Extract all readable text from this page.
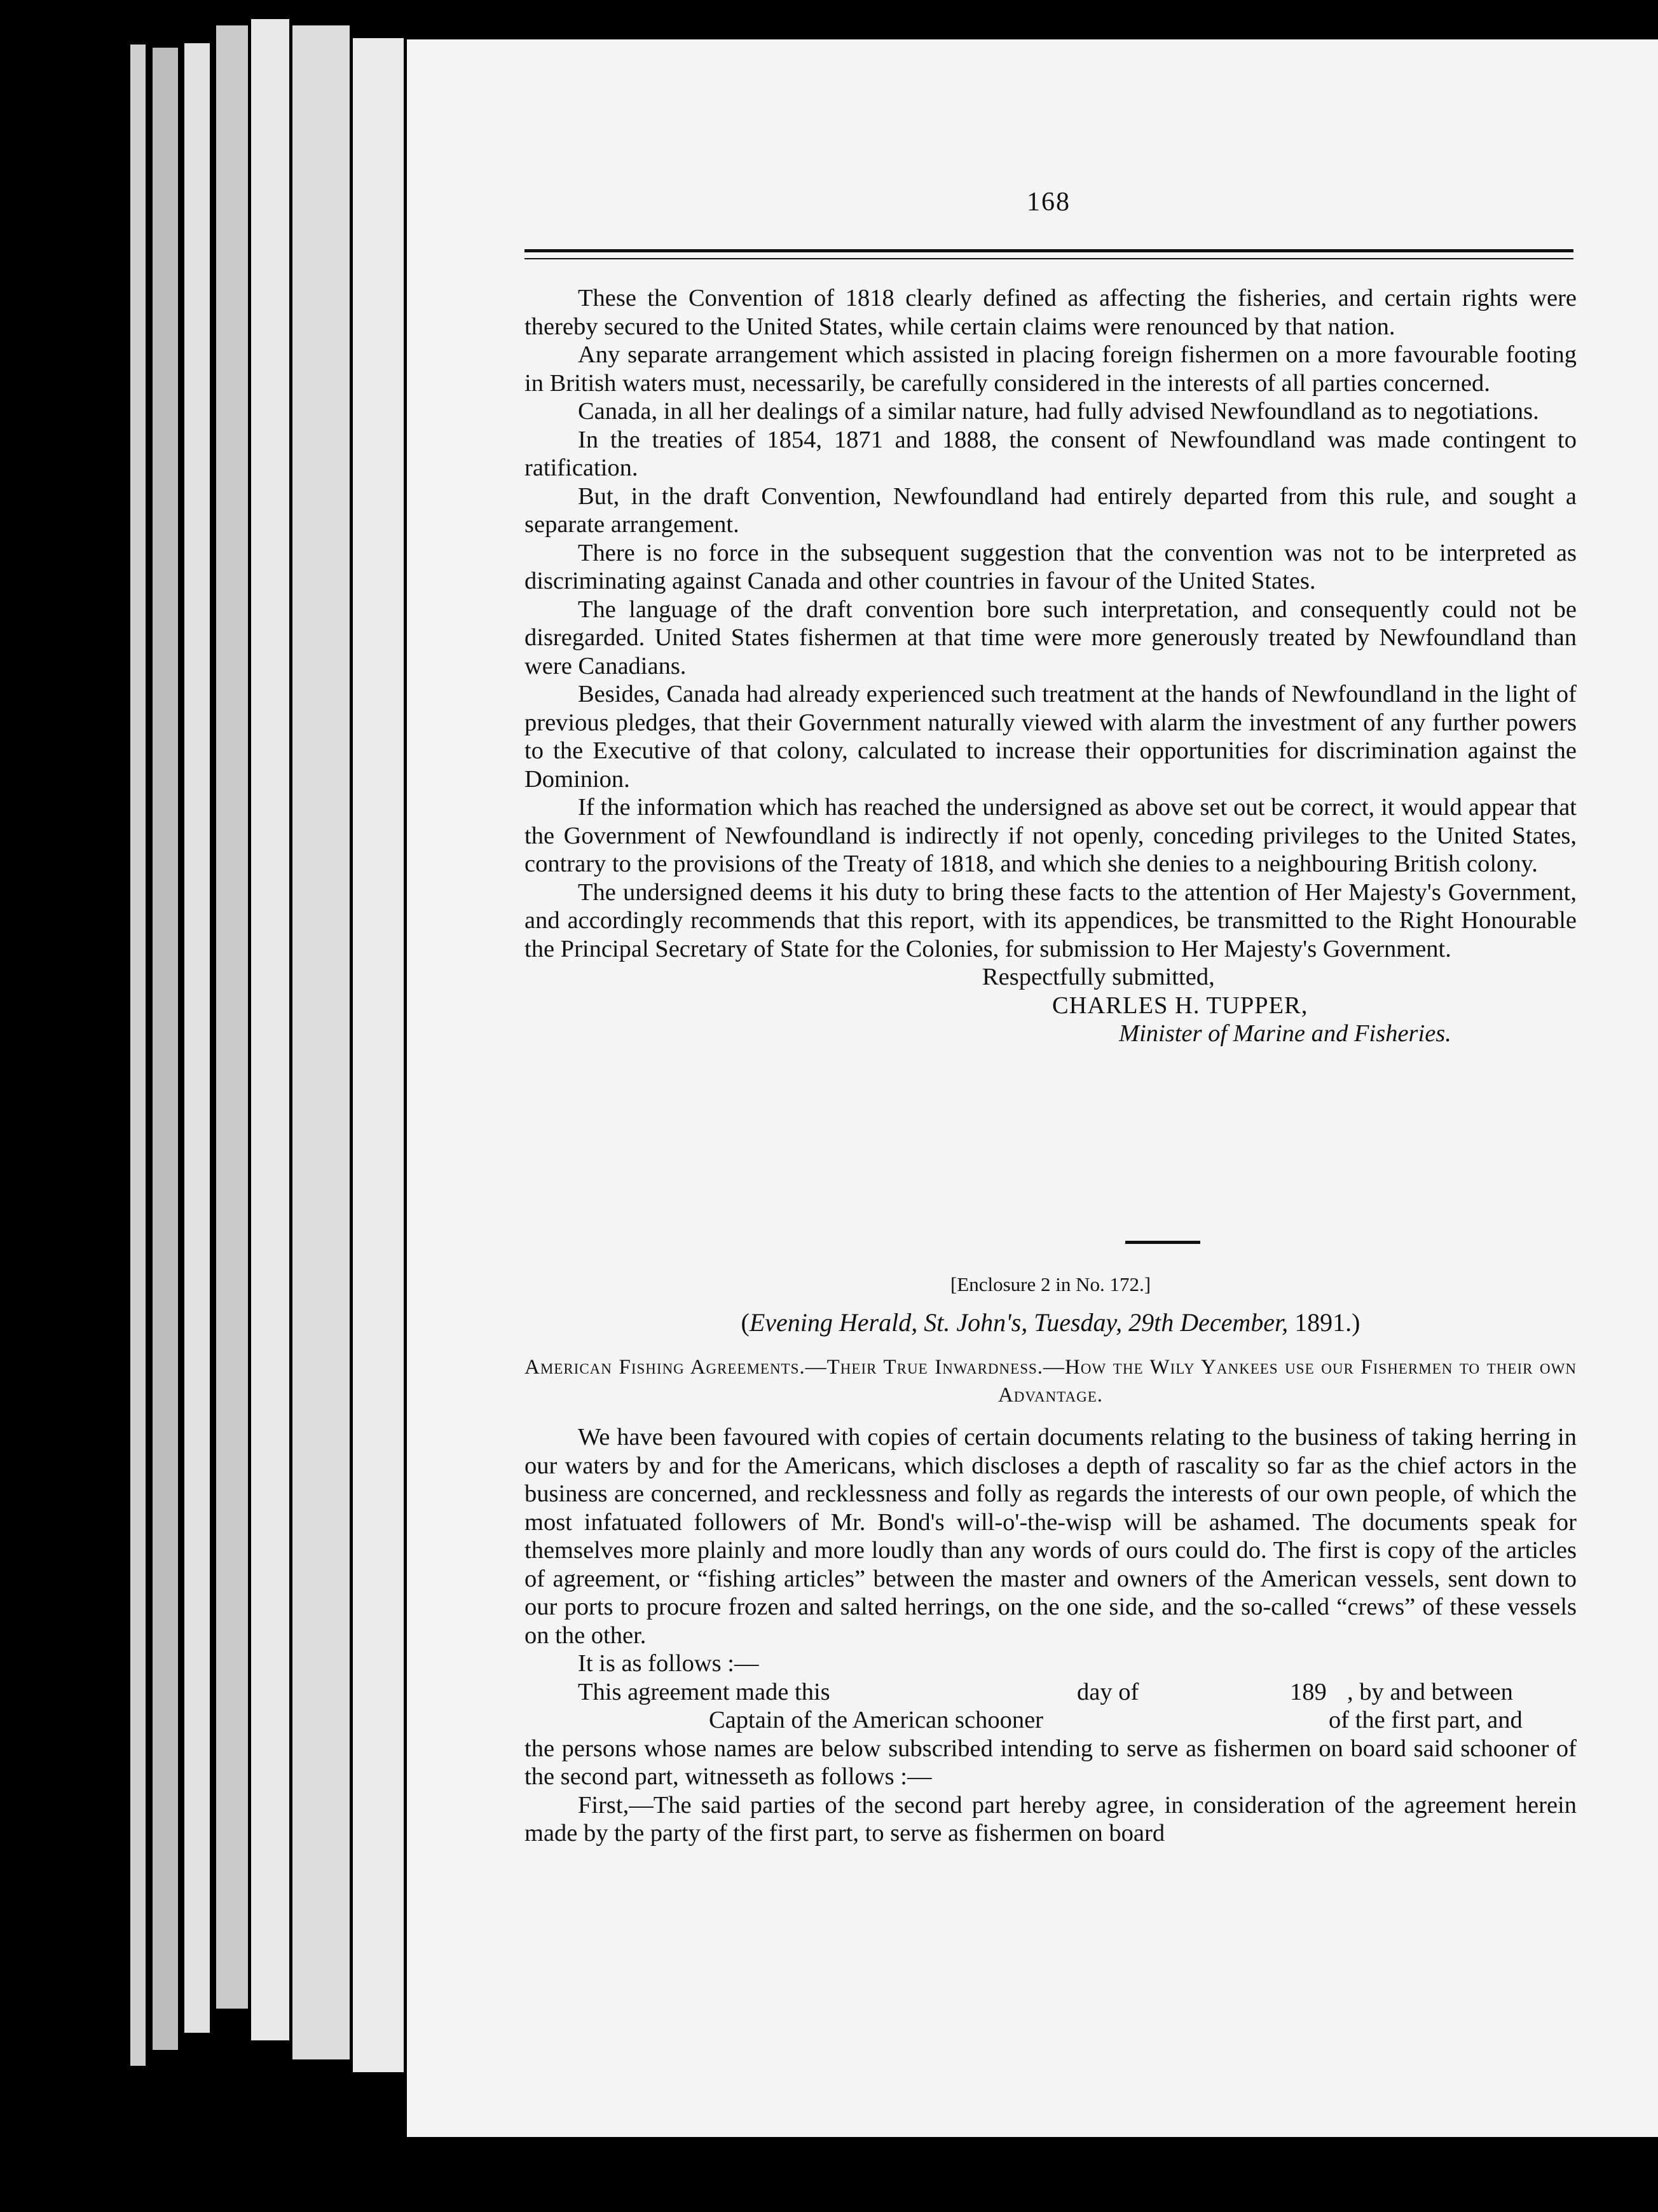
168

These the Convention of 1818 clearly defined as affecting the fisheries, and certain rights were thereby secured to the United States, while certain claims were renounced by that nation.

Any separate arrangement which assisted in placing foreign fishermen on a more favourable footing in British waters must, necessarily, be carefully considered in the interests of all parties concerned.

Canada, in all her dealings of a similar nature, had fully advised Newfoundland as to negotiations.

In the treaties of 1854, 1871 and 1888, the consent of Newfoundland was made contingent to ratification.

But, in the draft Convention, Newfoundland had entirely departed from this rule, and sought a separate arrangement.

There is no force in the subsequent suggestion that the convention was not to be interpreted as discriminating against Canada and other countries in favour of the United States.

The language of the draft convention bore such interpretation, and consequently could not be disregarded. United States fishermen at that time were more generously treated by Newfoundland than were Canadians.

Besides, Canada had already experienced such treatment at the hands of Newfoundland in the light of previous pledges, that their Government naturally viewed with alarm the investment of any further powers to the Executive of that colony, calculated to increase their opportunities for discrimination against the Dominion.

If the information which has reached the undersigned as above set out be correct, it would appear that the Government of Newfoundland is indirectly if not openly, conceding privileges to the United States, contrary to the provisions of the Treaty of 1818, and which she denies to a neighbouring British colony.

The undersigned deems it his duty to bring these facts to the attention of Her Majesty's Government, and accordingly recommends that this report, with its appendices, be transmitted to the Right Honourable the Principal Secretary of State for the Colonies, for submission to Her Majesty's Government.

Respectfully submitted,
CHARLES H. TUPPER,
Minister of Marine and Fisheries.

[Enclosure 2 in No. 172.]

(Evening Herald, St. John's, Tuesday, 29th December, 1891.)

American Fishing Agreements.—Their True Inwardness.—How the Wily Yankees use our Fishermen to their own Advantage.

We have been favoured with copies of certain documents relating to the business of taking herring in our waters by and for the Americans, which discloses a depth of rascality so far as the chief actors in the business are concerned, and recklessness and folly as regards the interests of our own people, of which the most infatuated followers of Mr. Bond's will-o'-the-wisp will be ashamed. The documents speak for themselves more plainly and more loudly than any words of ours could do. The first is copy of the articles of agreement, or “fishing articles” between the master and owners of the American vessels, sent down to our ports to procure frozen and salted herrings, on the one side, and the so-called “crews” of these vessels on the other.

It is as follows :—

This agreement made this	day of	189 , by and between
Captain of the American schooner	of the first part, and
the persons whose names are below subscribed intending to serve as fishermen on board said schooner of the second part, witnesseth as follows :—

First,—The said parties of the second part hereby agree, in consideration of the agreement herein made by the party of the first part, to serve as fishermen on board
